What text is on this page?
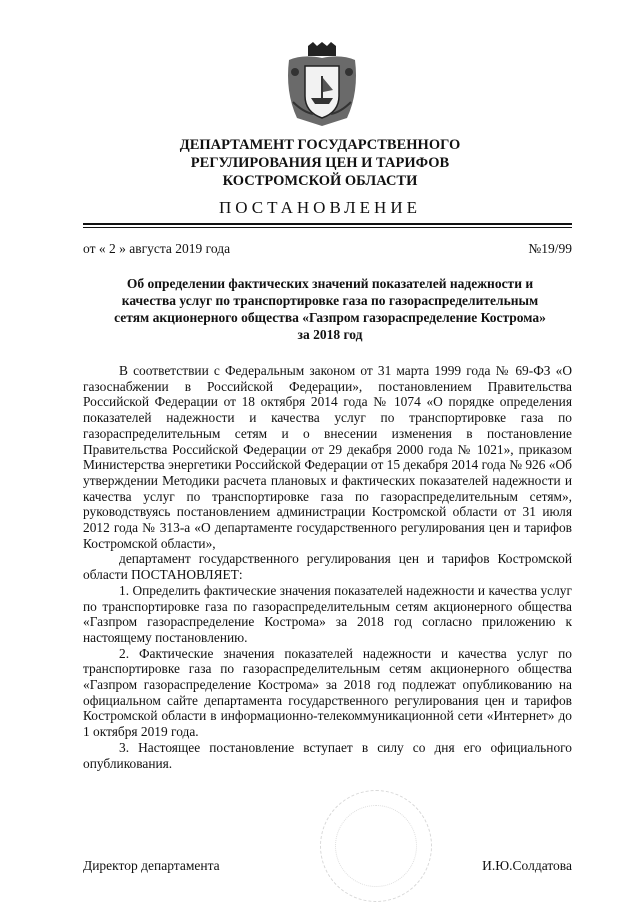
ДЕПАРТАМЕНТ ГОСУДАРСТВЕННОГО
РЕГУЛИРОВАНИЯ ЦЕН И ТАРИФОВ
КОСТРОМСКОЙ ОБЛАСТИ
ПОСТАНОВЛЕНИЕ
от « 2 » августа 2019 года	№19/99
Об определении фактических значений показателей надежности и
качества услуг по транспортировке газа по газораспределительным
сетям акционерного общества «Газпром газораспределение Кострома»
за 2018 год

В соответствии с Федеральным законом от 31 марта 1999 года № 69-ФЗ «О газоснабжении в Российской Федерации», постановлением Правительства Российской Федерации от 18 октября 2014 года № 1074 «О порядке определения показателей надежности и качества услуг по транспортировке газа по газораспределительным сетям и о внесении изменения в постановление Правительства Российской Федерации от 29 декабря 2000 года № 1021», приказом Министерства энергетики Российской Федерации от 15 декабря 2014 года № 926 «Об утверждении Методики расчета плановых и фактических показателей надежности и качества услуг по транспортировке газа по газораспределительным сетям», руководствуясь постановлением администрации Костромской области от 31 июля 2012 года № 313-а «О департаменте государственного регулирования цен и тарифов Костромской области»,

департамент государственного регулирования цен и тарифов Костромской области ПОСТАНОВЛЯЕТ:

1. Определить фактические значения показателей надежности и качества услуг по транспортировке газа по газораспределительным сетям акционерного общества «Газпром газораспределение Кострома» за 2018 год согласно приложению к настоящему постановлению.

2. Фактические значения показателей надежности и качества услуг по транспортировке газа по газораспределительным сетям акционерного общества «Газпром газораспределение Кострома» за 2018 год подлежат опубликованию на официальном сайте департамента государственного регулирования цен и тарифов Костромской области в информационно-телекоммуникационной сети «Интернет» до 1 октября 2019 года.

3. Настоящее постановление вступает в силу со дня его официального опубликования.

Директор департамента	И.Ю.Солдатова
